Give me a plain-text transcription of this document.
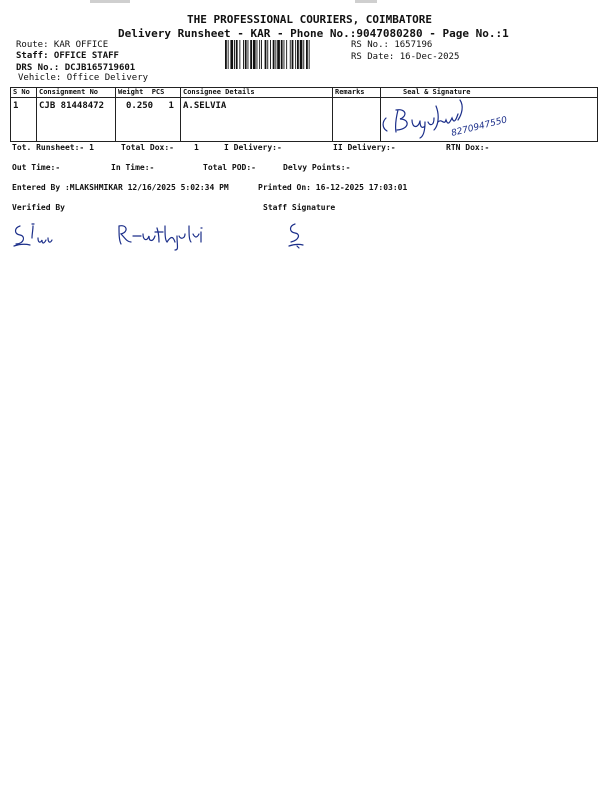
THE PROFESSIONAL COURIERS, COIMBATORE
Delivery Runsheet - KAR - Phone No.:9047080280 - Page No.:1
Route: KAR OFFICE
Staff: OFFICE STAFF
DRS No.: DCJB165719601
Vehicle: Office Delivery
RS No.: 1657196
RS Date: 16-Dec-2025
S No	Consignment No	Weight  PCS	Consignee Details	Remarks	Seal & Signature
1	CJB 81448472	0.250 1	A.SELVIA		
8270947550
Tot. Runsheet:- 1	Total Dox:-	1	I Delivery:-	II Delivery:-	RTN Dox:-
Out Time:-	In Time:-	Total POD:-	Delvy Points:-
Entered By :MLAKSHMIKAR 12/16/2025 5:02:34 PM	Printed On: 16-12-2025 17:03:01
Verified By	Staff Signature
